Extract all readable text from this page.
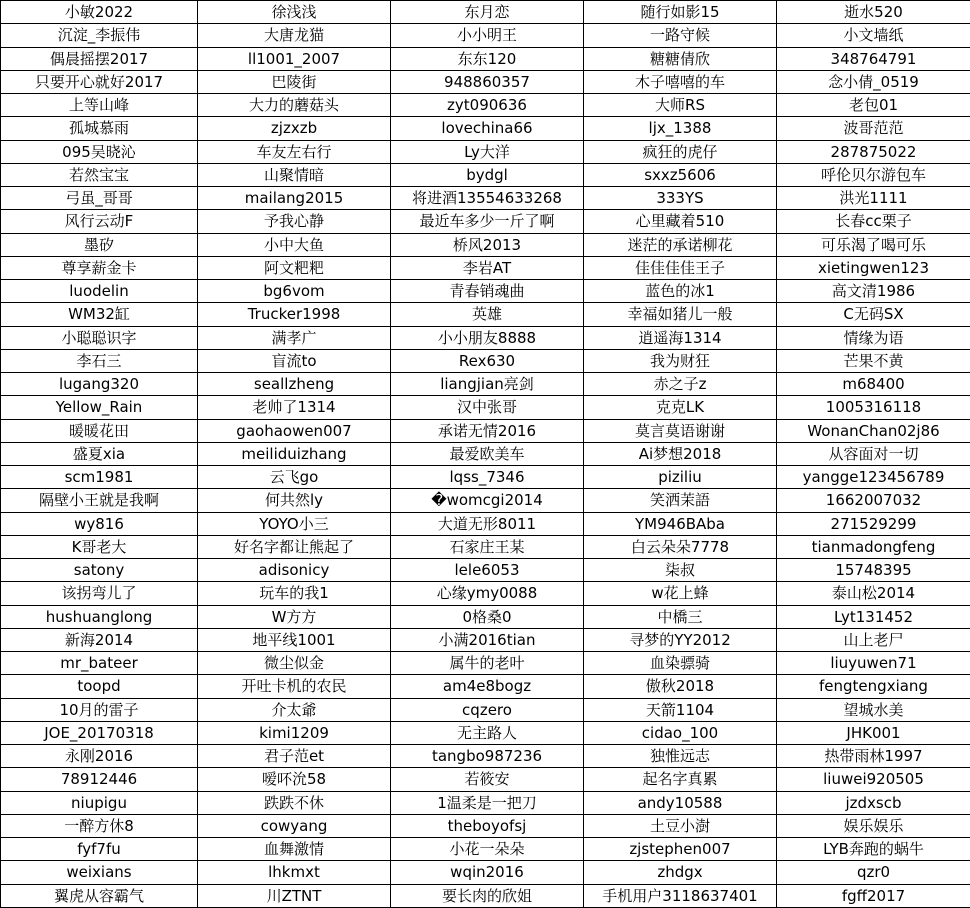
小敏2022	徐浅浅	东月恋	随行如影15	逝水520
沉淀_李振伟	大唐龙猫	小小明王	一路守候	小文墙纸
偶晨摇摆2017	ll1001_2007	东东120	糖糖倩欣	348764791
只要开心就好2017	巴陵街	948860357	木子嘻嘻的车	念小倩_0519
上等山峰	大力的蘑菇头	zyt090636	大师RS	老包01
孤城慕雨	zjzxzb	lovechina66	ljx_1388	波哥范范
095吴晓沁	车友左右行	Ly大洋	疯狂的虎仔	287875022
若然宝宝	山聚情暗	bydgl	sxxz5606	呼伦贝尔游包车
弓虽_哥哥	mailang2015	将进酒13554633268	333YS	洪光1111
风行云动F	予我心静	最近车多少一斤了啊	心里藏着510	长春cc栗子
墨矽	小中大鱼	桥风2013	迷茫的承诺柳花	可乐渴了喝可乐
尊享薪金卡	阿文粑粑	李岩AT	佳佳佳佳王子	xietingwen123
luodelin	bg6vom	青春销魂曲	蓝色的冰1	高文清1986
WM32缸	Trucker1998	英雄	幸福如猪儿一般	C无码SX
小聪聪识字	满孝广	小小朋友8888	逍遥海1314	情缘为语
李石三	盲流to	Rex630	我为财狂	芒果不黄
lugang320	seallzheng	liangjian亮剑	赤之子z	m68400
Yellow_Rain	老帅了1314	汉中张哥	克克LK	1005316118
暖暖花田	gaohaowen007	承诺无情2016	莫言莫语谢谢	WonanChan02j86
盛夏xia	meiliduizhang	最爱欧美车	Ai梦想2018	从容面对一切
scm1981	云飞go	lqss_7346	piziliu	yangge123456789
隔壁小王就是我啊	何共然ly	�womcgi2014	笑洒茉語	1662007032
wy816	YOYO小三	大道无形8011	YM946BAba	271529299
K哥老大	好名字都让熊起了	石家庄王某	白云朵朵7778	tianmadongfeng
satony	adisonicy	lele6053	柒叔	15748395
该拐弯儿了	玩车的我1	心缘ymy0088	w花上蜂	泰山松2014
hushuanglong	W方方	0格桑0	中橋三	Lyt131452
新海2014	地平线1001	小满2016tian	寻梦的YY2012	山上老尸
mr_bateer	微尘似金	属牛的老叶	血染骠骑	liuyuwen71
toopd	开吐卡机的农民	am4e8bogz	傲秋2018	fengtengxiang
10月的雷子	介太爺	cqzero	天箭1104	望城水美
JOE_20170318	kimi1209	无主路人	cidao_100	JHK001
永刚2016	君子范et	tangbo987236	独惟远志	热带雨林1997
78912446	嗳吥沇58	若筱安	起名字真累	liuwei920505
niupigu	跌跌不休	1温柔是一把刀	andy10588	jzdxscb
一醉方休8	cowyang	theboyofsj	土豆小澍	娱乐娱乐
fyf7fu	血舞激情	小花一朵朵	zjstephen007	LYB奔跑的蜗牛
weixians	lhkmxt	wqin2016	zhdgx	qzr0
翼虎从容霸气	川ZTNT	要长肉的欣姐	手机用户3118637401	fgff2017
